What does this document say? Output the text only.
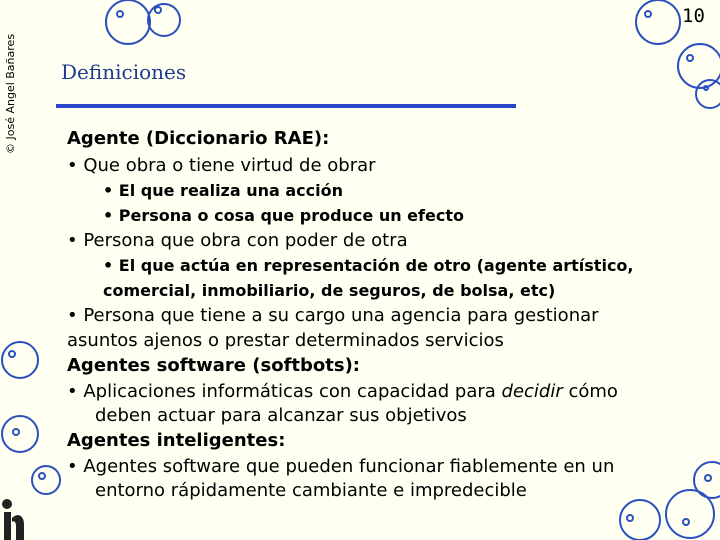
© José Angel Bañares
10
Definiciones
Agente (Diccionario RAE):
• Que obra o tiene virtud de obrar
• El que realiza una acción
• Persona o cosa que produce un efecto
• Persona que obra con poder de otra
• El que actúa en representación de otro (agente artístico,
comercial, inmobiliario, de seguros, de bolsa, etc)
• Persona que tiene a su cargo una agencia para gestionar
asuntos ajenos o prestar determinados servicios
Agentes software (softbots):
• Aplicaciones informáticas con capacidad para decidir cómo
deben actuar para alcanzar sus objetivos
Agentes inteligentes:
• Agentes software que pueden funcionar fiablemente en un
entorno rápidamente cambiante e impredecible
